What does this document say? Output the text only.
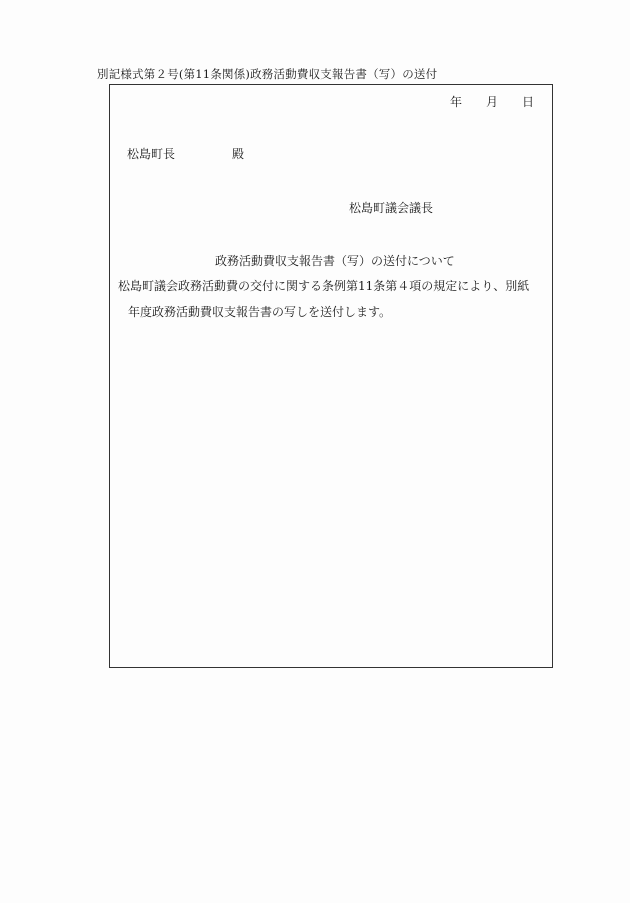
別記様式第２号(第11条関係)政務活動費収支報告書（写）の送付
年 月 日
松島町長	殿
松島町議会議長
政務活動費収支報告書（写）の送付について
松島町議会政務活動費の交付に関する条例第11条第４項の規定により、別紙
年度政務活動費収支報告書の写しを送付します。
